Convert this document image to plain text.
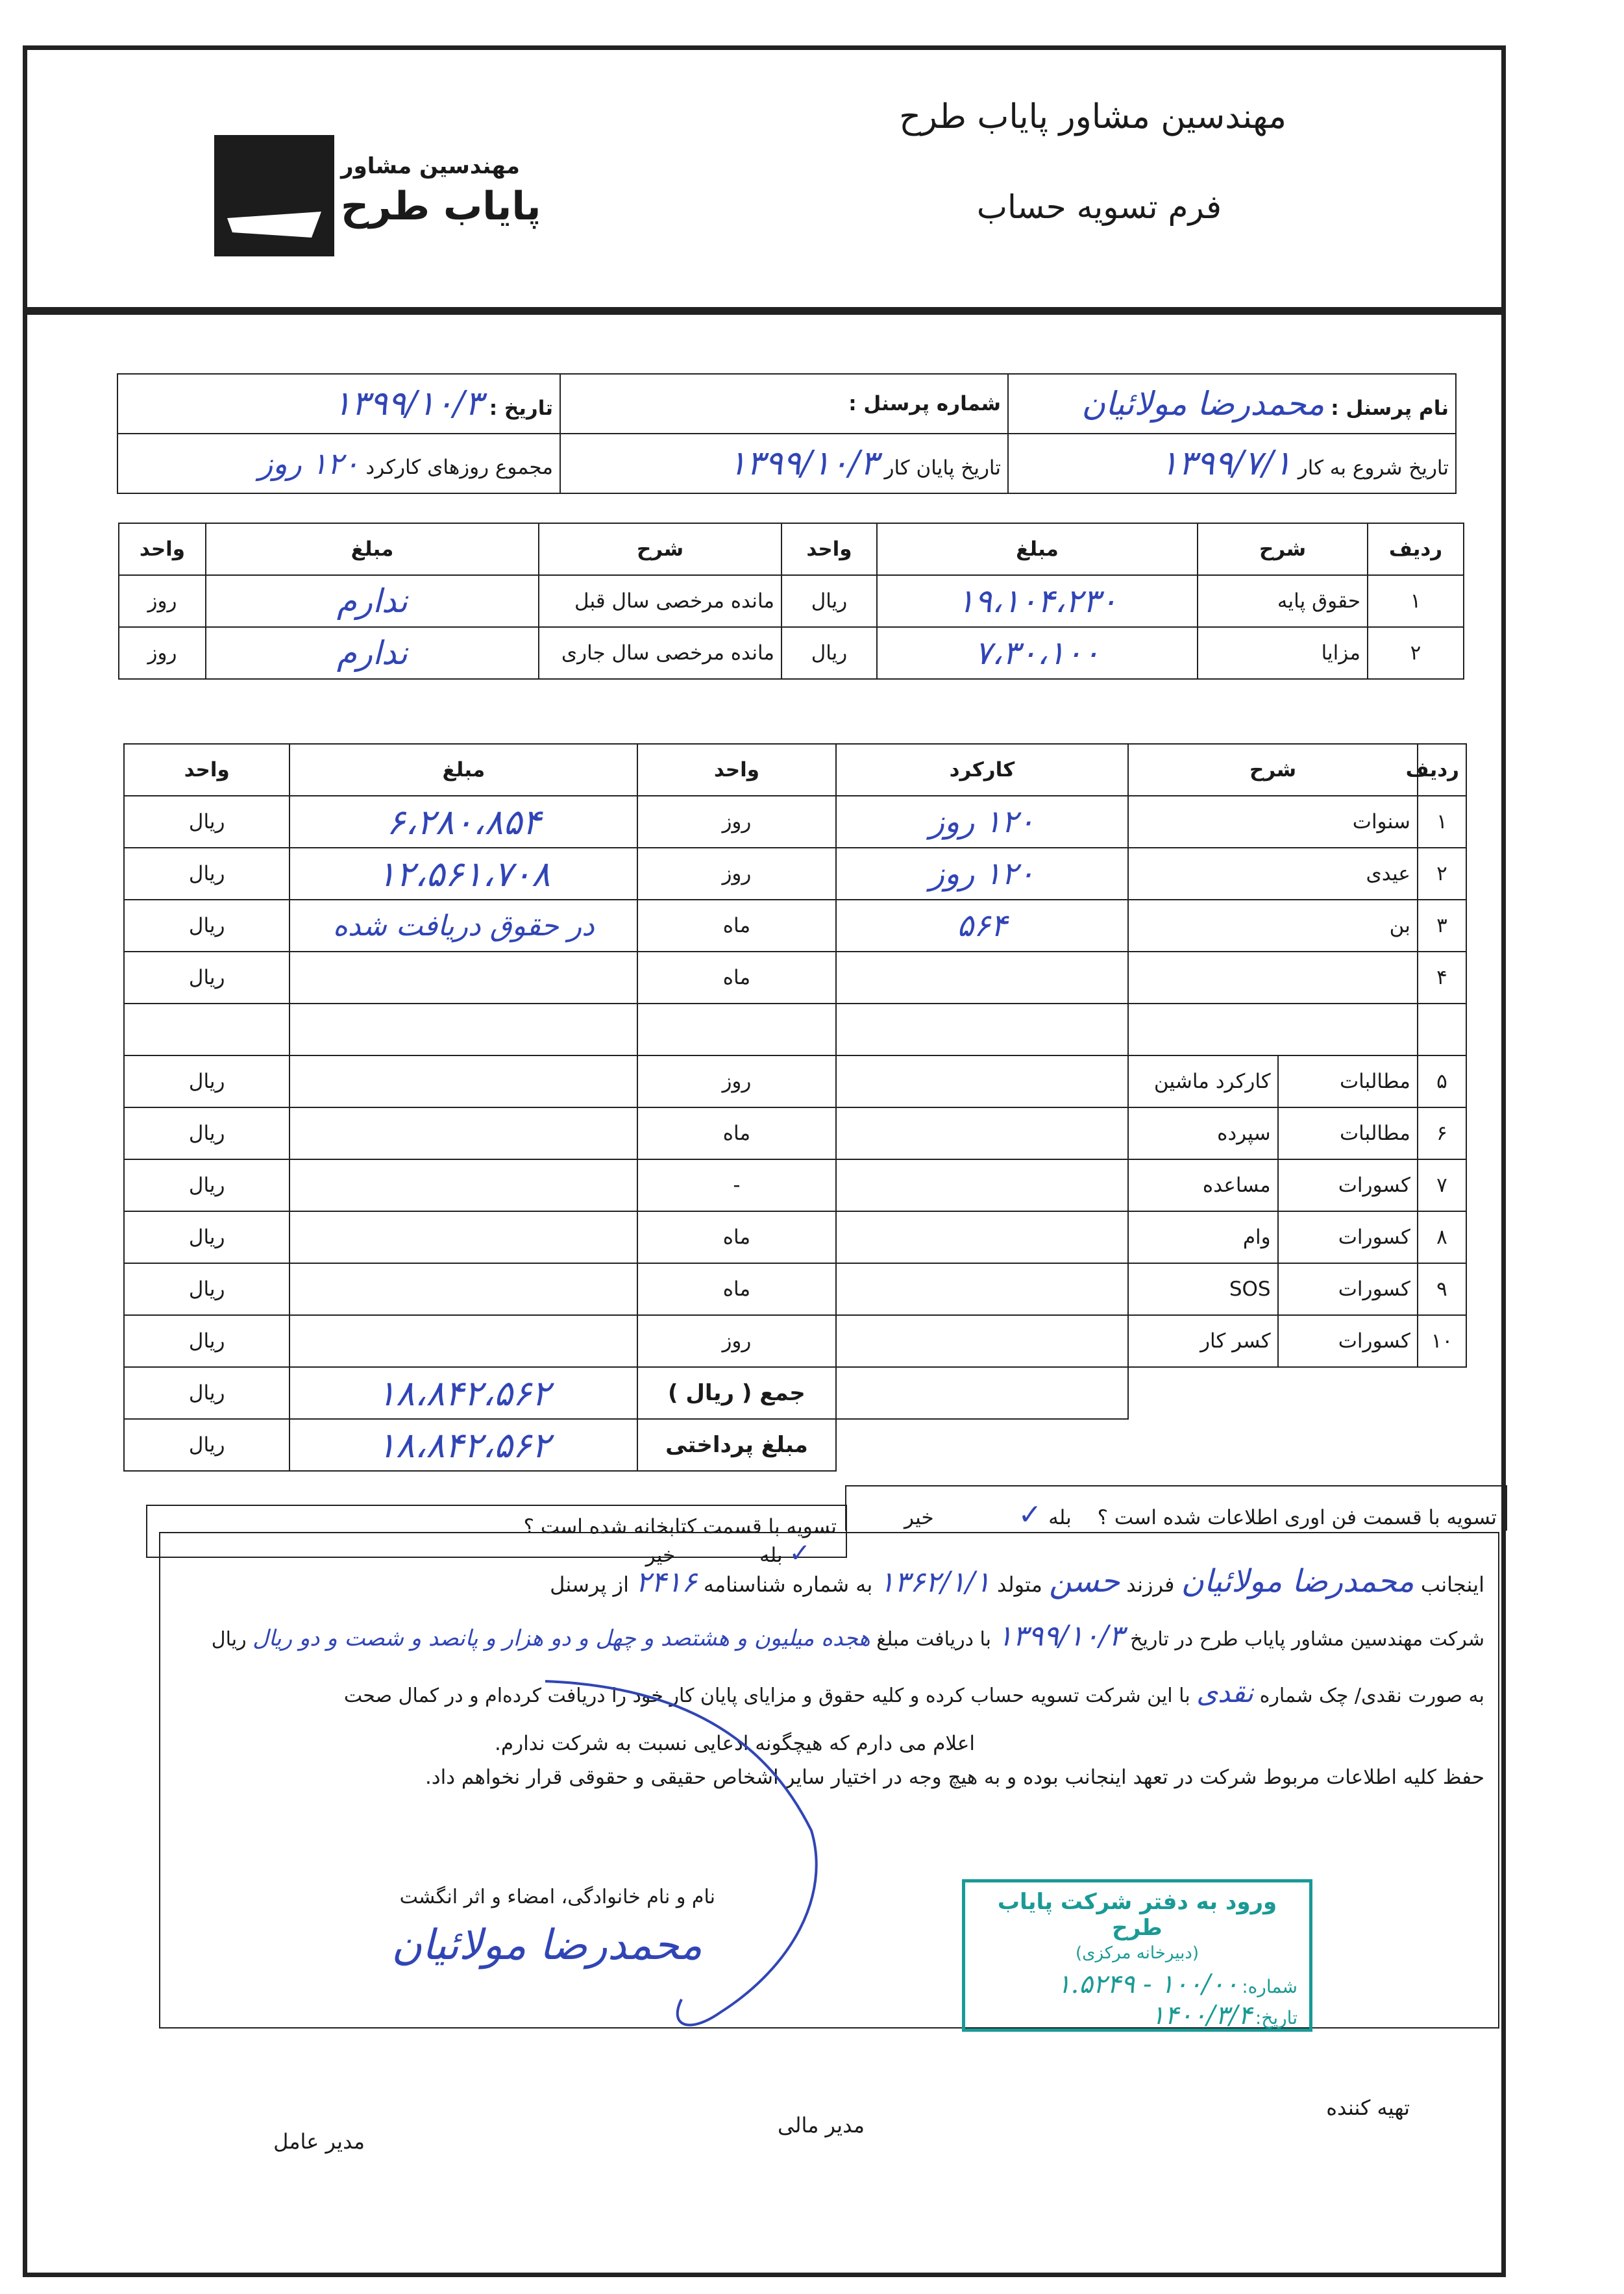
مهندسین مشاور پایاب طرح
فرم تسویه حساب
مهندسین مشاور
پایاب طرح
نام پرسنل : محمدرضا مولائیان	شماره پرسنل :	تاریخ : ۱۳۹۹/۱۰/۳
تاریخ شروع به کار ۱۳۹۹/۷/۱	تاریخ پایان کار ۱۳۹۹/۱۰/۳	مجموع روزهای کارکرد ۱۲۰ روز
ردیف	شرح	مبلغ	واحد	شرح	مبلغ	واحد
۱	حقوق پایه	۱۹،۱۰۴،۲۳۰	ریال	مانده مرخصی سال قبل	ندارم	روز
۲	مزایا	۷،۳۰،۱۰۰	ریال	مانده مرخصی سال جاری	ندارم	روز
ردیف	شرح		کارکرد	واحد	مبلغ	واحد
۱	سنوات		۱۲۰ روز	روز	۶،۲۸۰،۸۵۴	ریال
۲	عیدی		۱۲۰ روز	روز	۱۲،۵۶۱،۷۰۸	ریال
۳	بن		۵۶۴	ماه	در حقوق دریافت شده	ریال
۴				ماه		ریال

۵	مطالبات	کارکرد ماشین		روز		ریال
۶	مطالبات	سپرده		ماه		ریال
۷	کسورات	مساعده		-		ریال
۸	کسورات	وام		ماه		ریال
۹	کسورات	SOS		ماه		ریال
۱۰	کسورات	کسر کار		روز		ریال
				جمع ( ریال )	۱۸،۸۴۲،۵۶۲	ریال
				مبلغ پرداختی	۱۸،۸۴۲،۵۶۲	ریال
تسویه با قسمت فن اوری اطلاعات شده است ؟ بله ✓ خیر
تسویه با قسمت کتابخانه شده است ؟
✓ بله خیر
اینجانب محمدرضا مولائیان فرزند حسن متولد ۱۳۶۲/۱/۱ به شماره شناسنامه ۲۴۱۶ از پرسنل
شرکت مهندسین مشاور پایاب طرح در تاریخ ۱۳۹۹/۱۰/۳ با دریافت مبلغ هجده میلیون و هشتصد و چهل و دو هزار و پانصد و شصت و دو ریال ریال
به صورت نقدی/ چک شماره نقدی با این شرکت تسویه حساب کرده و کلیه حقوق و مزایای پایان کار خود را دریافت کرده‌ام و در کمال صحت
اعلام می دارم که هیچگونه ادعایی نسبت به شرکت ندارم.
حفظ کلیه اطلاعات مربوط شرکت در تعهد اینجانب بوده و به هیچ وجه در اختیار سایر اشخاص حقیقی و حقوقی قرار نخواهم داد.
نام و نام خانوادگی، امضاء و اثر انگشت
محمدرضا مولائیان
ورود به دفتر شرکت پایاب طرح
(دبیرخانه مرکزی)
شماره: ۱۰۰/۰۰ - ۱.۵۲۴۹
تاریخ: ۱۴۰۰/۳/۴
تهیه کننده
مدیر مالی
مدیر عامل
